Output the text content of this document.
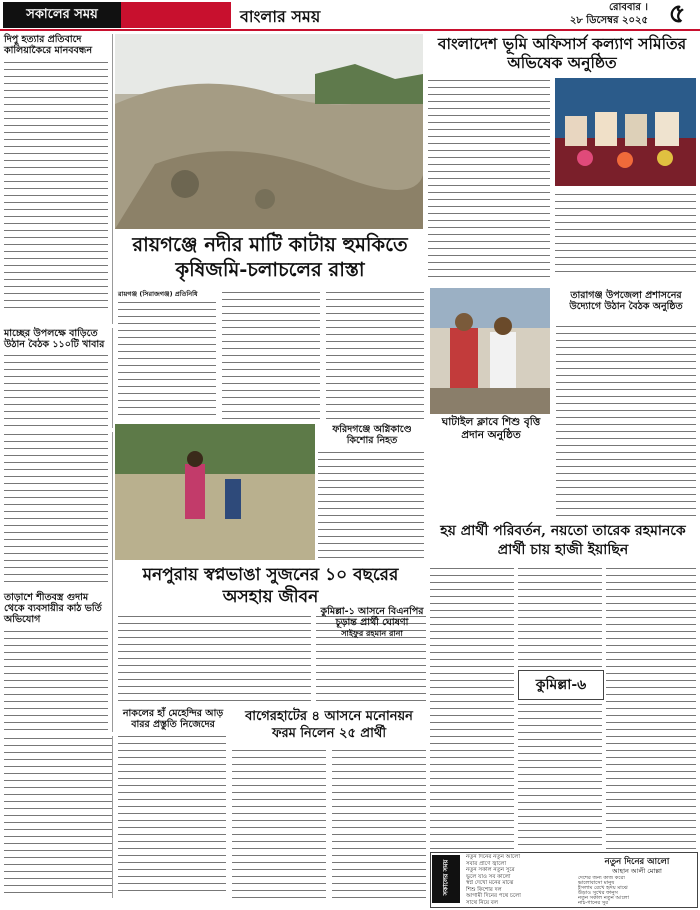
সকালের সময়	বাংলার সময়	রোববার ।
২৮ ডিসেম্বর ২০২৫ ৫
দিপু হত্যার প্রতিবাদে কালিয়াকৈরে মানববন্ধন	বাংলাদেশ ভূমি অফিসার্স কল্যাণ সমিতির অভিষেক অনুষ্ঠিত
রায়গঞ্জে নদীর মাটি কাটায় হুমকিতে কৃষিজমি-চলাচলের রাস্তা
রায়গঞ্জ (সিরাজগঞ্জ) প্রতিনিধি	তারাগঞ্জ উপজেলা প্রশাসনের উদ্যোগে উঠান বৈঠক অনুষ্ঠিত
ঘাটাইল ক্লাবে শিশু বৃত্তি প্রদান অনুষ্ঠিত
মাচ্ছের উপলক্ষে বাড়িতে উঠান বৈঠক ১১০টি খাবার
ফরিদগঞ্জে অগ্নিকাণ্ডে কিশোর নিহত
হয় প্রার্থী পরিবর্তন, নয়তো তারেক রহমানকে প্রার্থী চায় হাজী ইয়াছিন
মনপুরায় স্বপ্নভাঙা সুজনের ১০ বছরের অসহায় জীবন
তাড়াশে শীতবস্ত্র গুদাম থেকে ব্যবসায়ীর কাঠ ভর্তি অভিযোগ
কুমিল্লা-১ আসনে বিএনপির চূড়ান্ত প্রার্থী ঘোষণা
সাইফুর রহমান রানা
কুমিল্লা-৬
নাকলের হাঁ মেহেন্দির আড় বারর প্রস্তুতি নিজেদের
বাগেরহাটের ৪ আসনে মনোনয়ন ফরম নিলেন ২৫ প্রার্থী
সকালের সময়
নতুন দিনের নতুন আলো
সবার প্রাণে জ্বালো
নতুন সকাল নতুন সুরে
ভুলে যাও সব কালো
স্বপ্ন দেখো মনের মাঝে
শিশু কিশোর দল
আগামী দিনের পথে চলো
সাথে নিয়ে বল
দেশের জন্য কাজ করো
ভালোবাসো মানুষ
ইসলাম রেখে হৃদয় মাঝে
উড়াও সুখের ফানুস
নতুন সকাল নতুন আলো
নাচ-গানের সুর
নতুন দিনের আলো
আহান আলী মোল্লা
